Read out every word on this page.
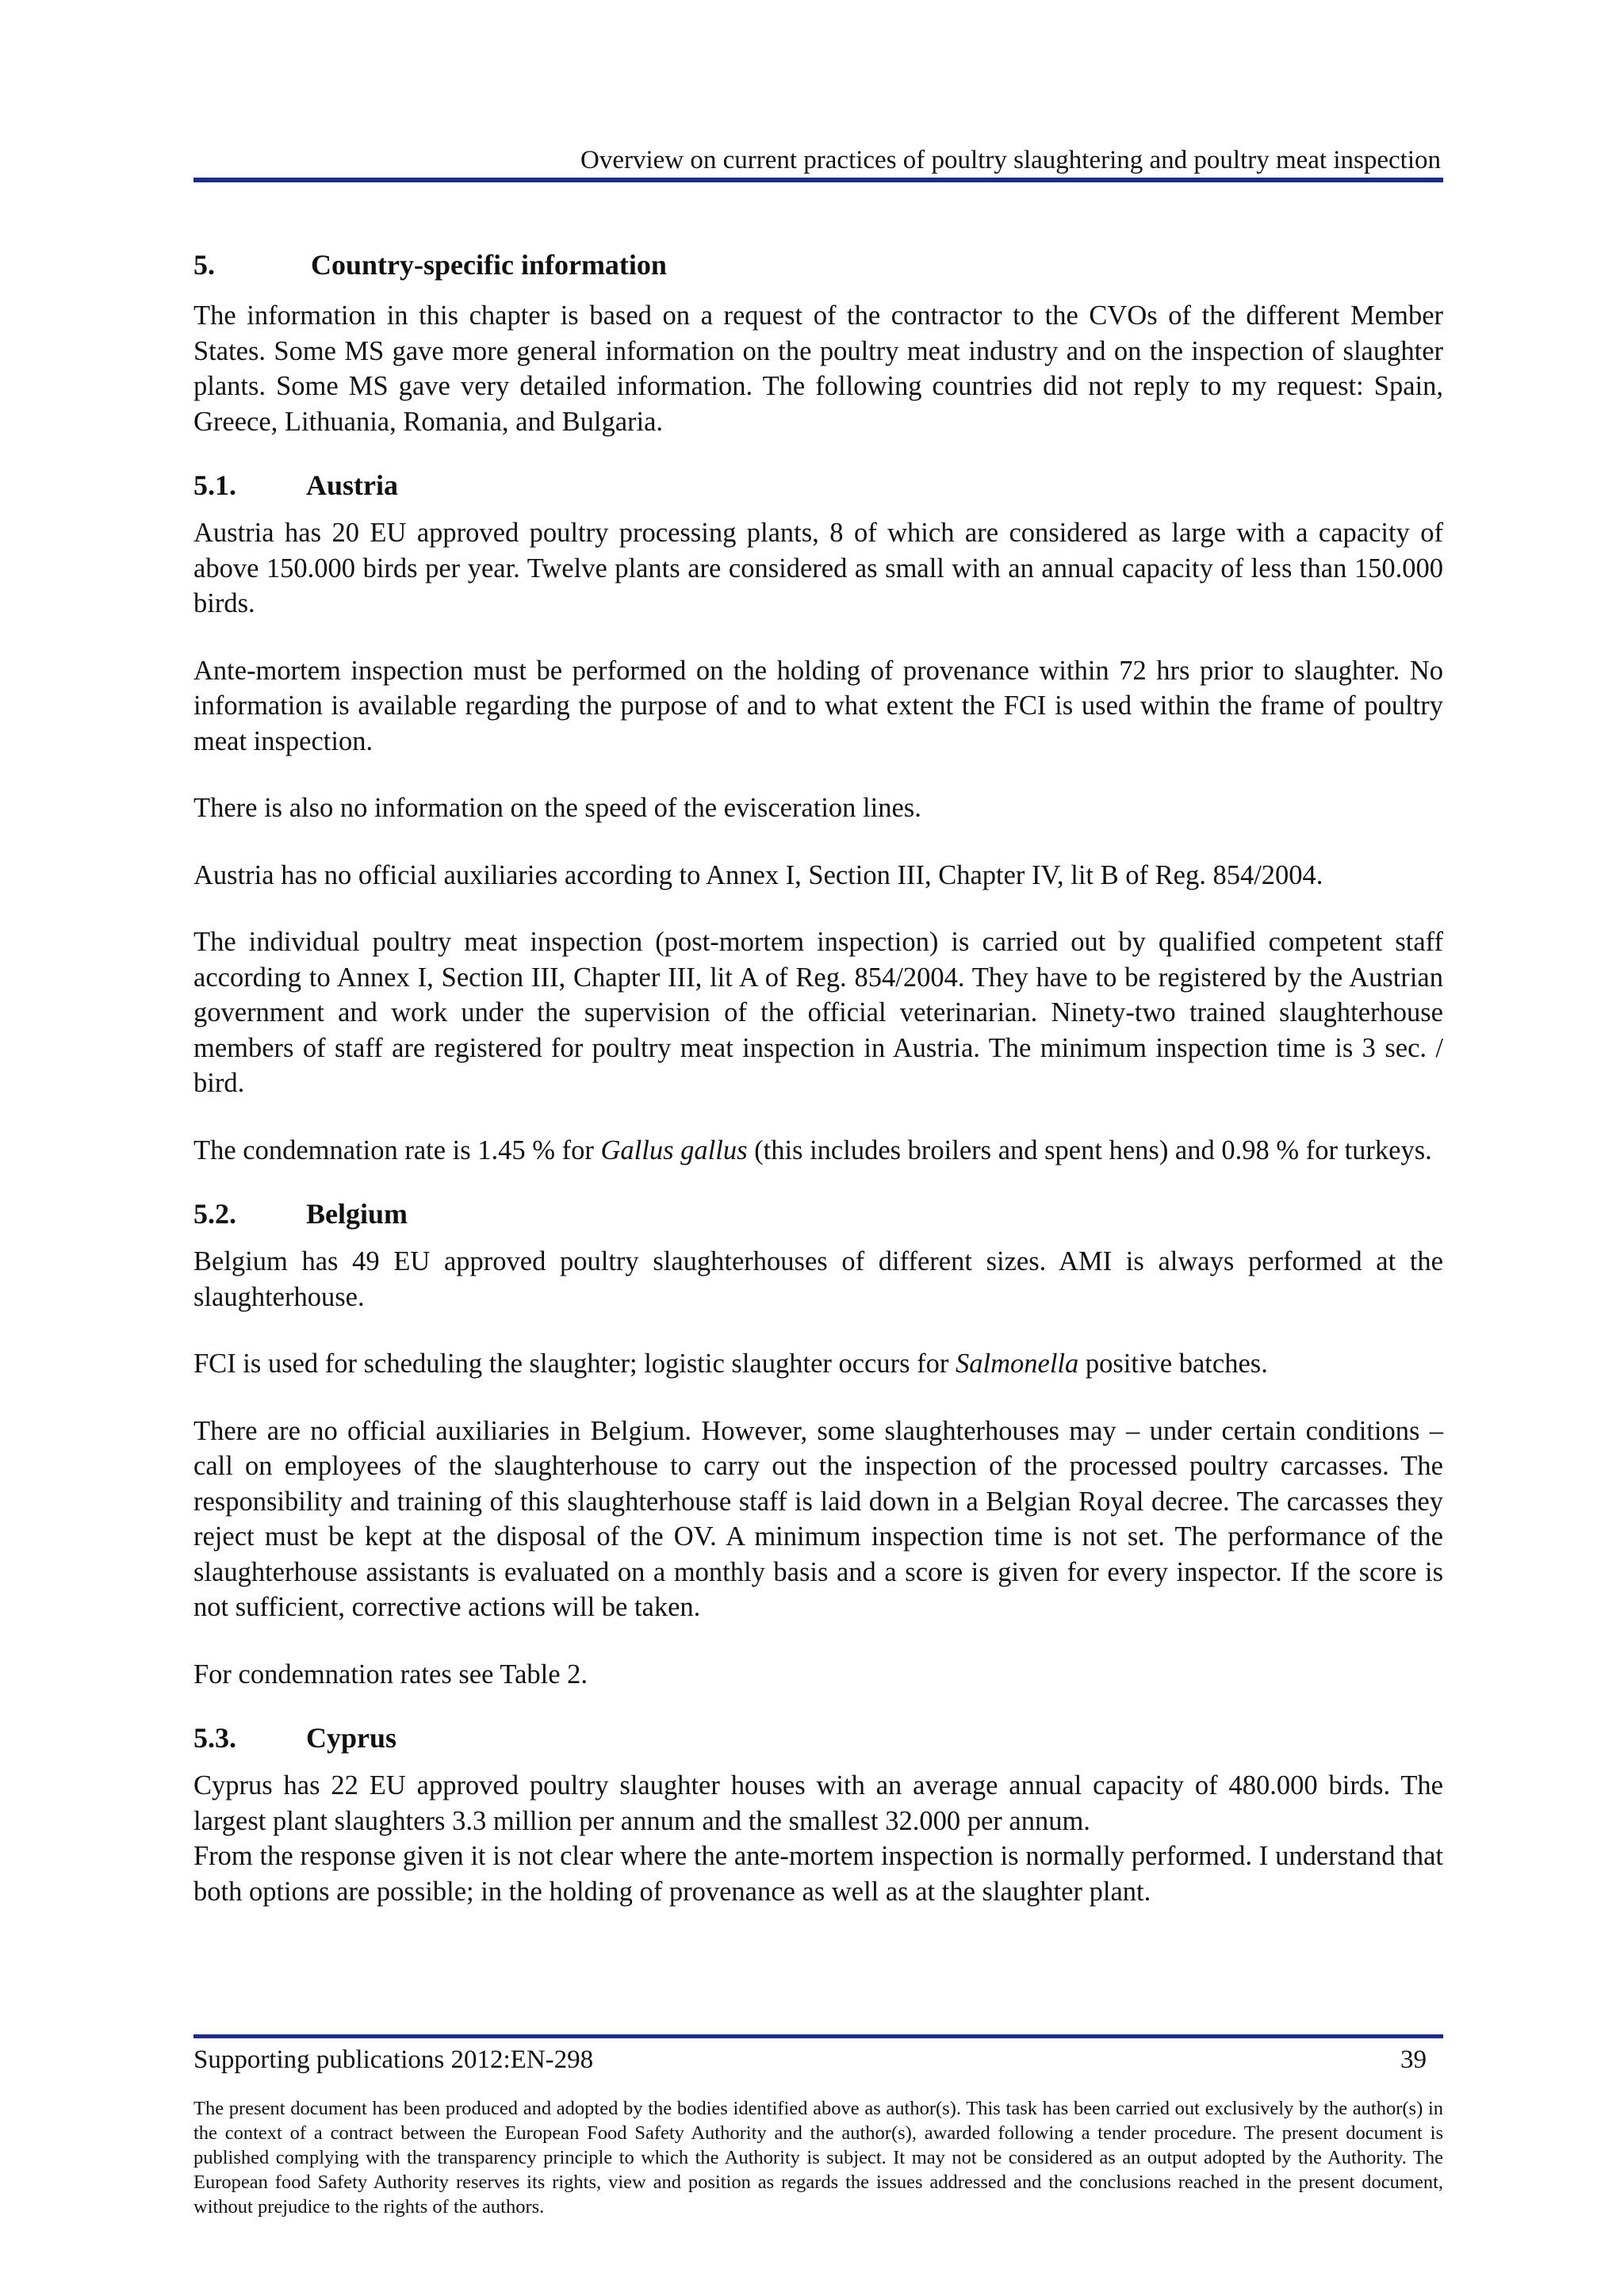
Overview on current practices of poultry slaughtering and poultry meat inspection
5.	Country-specific information

The information in this chapter is based on a request of the contractor to the CVOs of the different Member States. Some MS gave more general information on the poultry meat industry and on the inspection of slaughter plants. Some MS gave very detailed information. The following countries did not reply to my request: Spain, Greece, Lithuania, Romania, and Bulgaria.

5.1. Austria

Austria has 20 EU approved poultry processing plants, 8 of which are considered as large with a capacity of above 150.000 birds per year. Twelve plants are considered as small with an annual capacity of less than 150.000 birds.

Ante-mortem inspection must be performed on the holding of provenance within 72 hrs prior to slaughter. No information is available regarding the purpose of and to what extent the FCI is used within the frame of poultry meat inspection.

There is also no information on the speed of the evisceration lines.

Austria has no official auxiliaries according to Annex I, Section III, Chapter IV, lit B of Reg. 854/2004.

The individual poultry meat inspection (post-mortem inspection) is carried out by qualified competent staff according to Annex I, Section III, Chapter III, lit A of Reg. 854/2004. They have to be registered by the Austrian government and work under the supervision of the official veterinarian. Ninety-two trained slaughterhouse members of staff are registered for poultry meat inspection in Austria. The minimum inspection time is 3 sec. / bird.

The condemnation rate is 1.45 % for Gallus gallus (this includes broilers and spent hens) and 0.98 % for turkeys.

5.2. Belgium

Belgium has 49 EU approved poultry slaughterhouses of different sizes. AMI is always performed at the slaughterhouse.

FCI is used for scheduling the slaughter; logistic slaughter occurs for Salmonella positive batches.

There are no official auxiliaries in Belgium. However, some slaughterhouses may – under certain conditions – call on employees of the slaughterhouse to carry out the inspection of the processed poultry carcasses. The responsibility and training of this slaughterhouse staff is laid down in a Belgian Royal decree. The carcasses they reject must be kept at the disposal of the OV. A minimum inspection time is not set. The performance of the slaughterhouse assistants is evaluated on a monthly basis and a score is given for every inspector. If the score is not sufficient, corrective actions will be taken.

For condemnation rates see Table 2.

5.3. Cyprus

Cyprus has 22 EU approved poultry slaughter houses with an average annual capacity of 480.000 birds. The largest plant slaughters 3.3 million per annum and the smallest 32.000 per annum.

From the response given it is not clear where the ante-mortem inspection is normally performed. I understand that both options are possible; in the holding of provenance as well as at the slaughter plant.

Supporting publications 2012:EN-298	39

The present document has been produced and adopted by the bodies identified above as author(s). This task has been carried out exclusively by the author(s) in the context of a contract between the European Food Safety Authority and the author(s), awarded following a tender procedure. The present document is published complying with the transparency principle to which the Authority is subject. It may not be considered as an output adopted by the Authority. The European food Safety Authority reserves its rights, view and position as regards the issues addressed and the conclusions reached in the present document, without prejudice to the rights of the authors.
